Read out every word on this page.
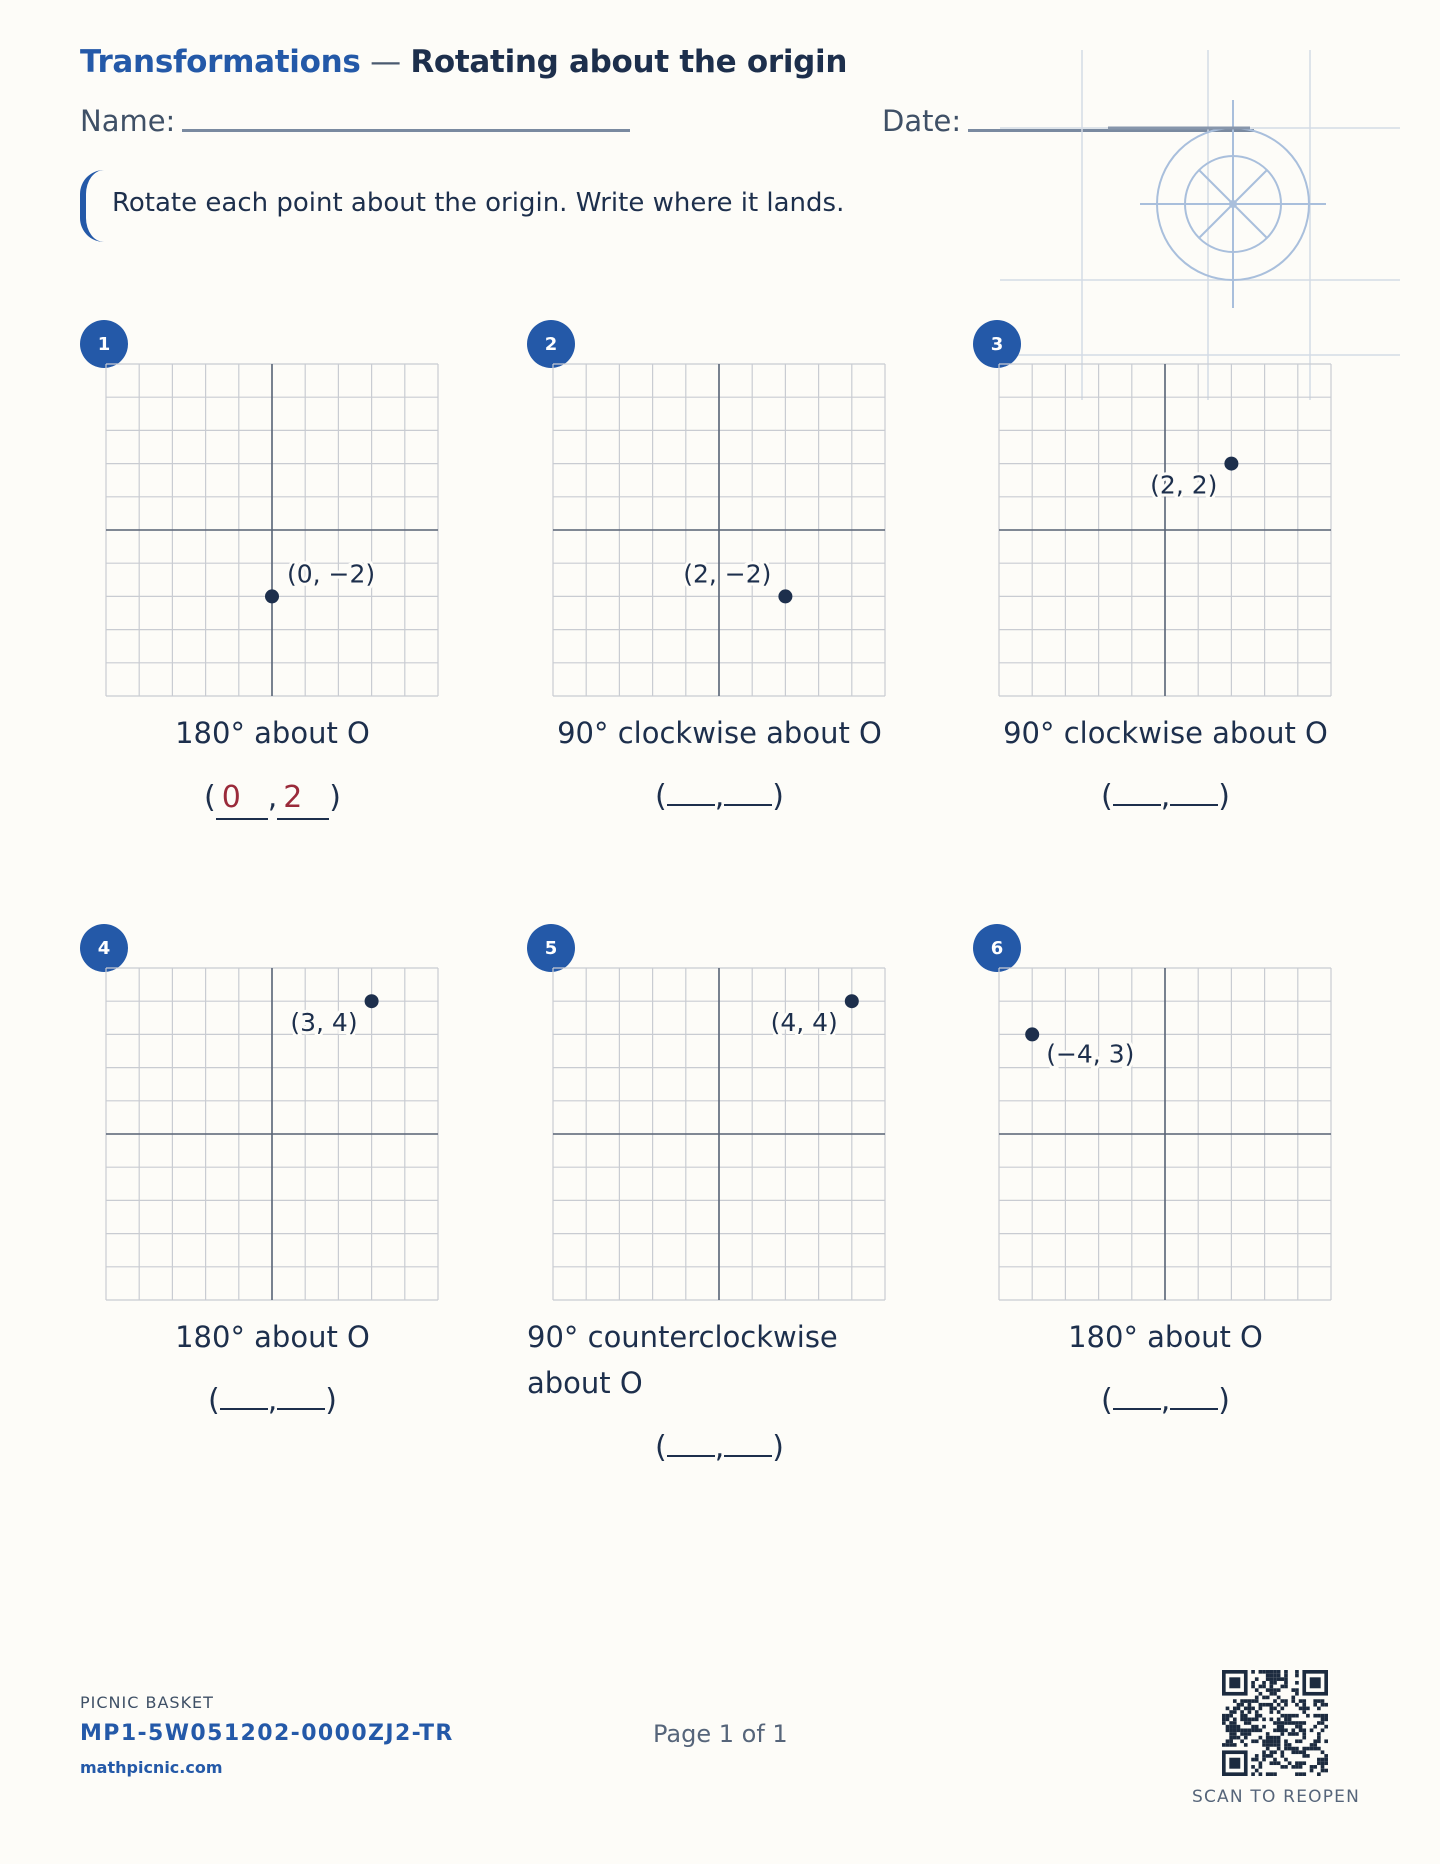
Transformations — Rotating about the origin
Name:	Date:
Rotate each point about the origin. Write where it lands.
1
(0, −2)
180° about O
( 0 , 2 )
2
(2, −2)
90° clockwise about O
( , )
3
(2, 2)
90° clockwise about O
( , )
4
(3, 4)
180° about O
( , )
5
(4, 4)
90° counterclockwise about O
( , )
6
(−4, 3)
180° about O
( , )
PICNIC BASKET
MP1-5W051202-0000ZJ2-TR
mathpicnic.com
Page 1 of 1
SCAN TO REOPEN
